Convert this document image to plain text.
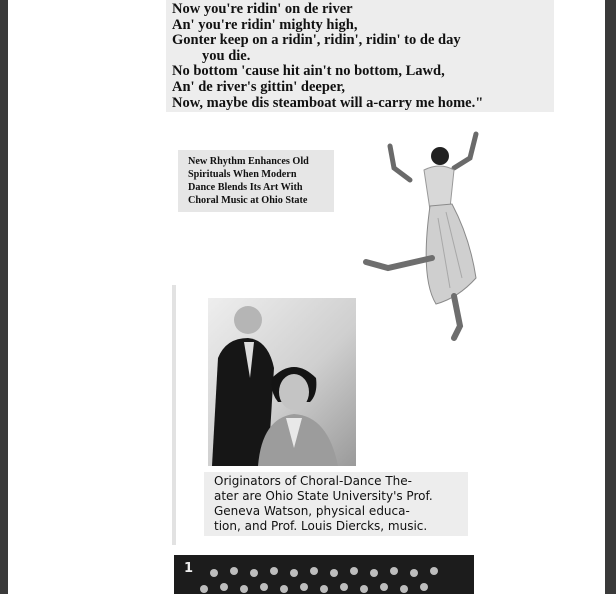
Now you're ridin' on de river
An' you're ridin' mighty high,
Gonter keep on a ridin', ridin', ridin' to de day
you die.
No bottom 'cause hit ain't no bottom, Lawd,
An' de river's gittin' deeper,
Now, maybe dis steamboat will a-carry me home."
New Rhythm Enhances Old
Spirituals When Modern
Dance Blends Its Art With
Choral Music at Ohio State
Originators of Choral-Dance The-
ater are Ohio State University's Prof.
Geneva Watson, physical educa-
tion, and Prof. Louis Diercks, music.
1
